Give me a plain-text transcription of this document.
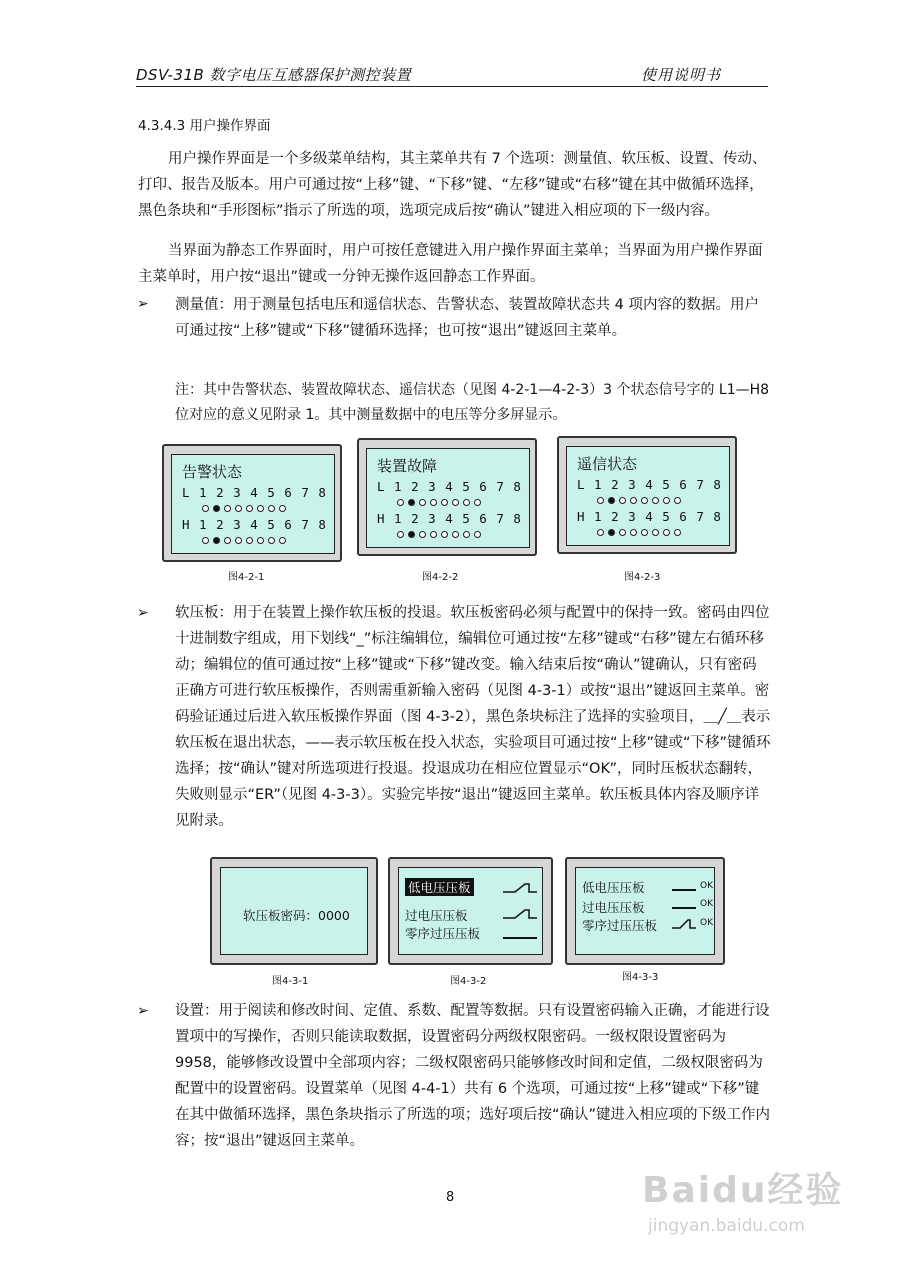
DSV-31B 数字电压互感器保护测控装置	使用说明书
4.3.4.3 用户操作界面

用户操作界面是一个多级菜单结构，其主菜单共有 7 个选项：测量值、软压板、设置、传动、打印、报告及版本。用户可通过按“上移”键、“下移”键、“左移”键或“右移”键在其中做循环选择，黑色条块和“手形图标”指示了所选的项，选项完成后按“确认”键进入相应项的下一级内容。

当界面为静态工作界面时，用户可按任意键进入用户操作界面主菜单；当界面为用户操作界面主菜单时，用户按“退出”键或一分钟无操作返回静态工作界面。

➢ 测量值：用于测量包括电压和遥信状态、告警状态、装置故障状态共 4 项内容的数据。用户可通过按“上移”键或“下移”键循环选择；也可按“退出”键返回主菜单。

注：其中告警状态、装置故障状态、遥信状态（见图 4-2-1—4-2-3）3 个状态信号字的 L1—H8 位对应的意义见附录 1。其中测量数据中的电压等分多屏显示。

告警状态
L 1 2 3 4 5 6 7 8
H 1 2 3 4 5 6 7 8
图4-2-1
装置故障
L 1 2 3 4 5 6 7 8
H 1 2 3 4 5 6 7 8
图4-2-2
遥信状态
L 1 2 3 4 5 6 7 8
H 1 2 3 4 5 6 7 8
图4-2-3
➢ 软压板：用于在装置上操作软压板的投退。软压板密码必须与配置中的保持一致。密码由四位十进制数字组成，用下划线“_”标注编辑位，编辑位可通过按“左移”键或“右移”键左右循环移动；编辑位的值可通过按“上移”键或“下移”键改变。输入结束后按“确认”键确认，只有密码正确方可进行软压板操作，否则需重新输入密码（见图 4-3-1）或按“退出”键返回主菜单。密码验证通过后进入软压板操作界面（图 4-3-2），黑色条块标注了选择的实验项目，＿╱＿表示软压板在退出状态，——表示软压板在投入状态，实验项目可通过按“上移”键或“下移”键循环选择；按“确认”键对所选项进行投退。投退成功在相应位置显示“OK”，同时压板状态翻转，失败则显示“ER”（见图 4-3-3）。实验完毕按“退出”键返回主菜单。软压板具体内容及顺序详见附录。

软压板密码：0000
图4-3-1
低电压压板
过电压压板
零序过压压板
图4-3-2
低电压压板	OK
过电压压板	OK
零序过压压板	OK
图4-3-3
➢ 设置：用于阅读和修改时间、定值、系数、配置等数据。只有设置密码输入正确，才能进行设置项中的写操作，否则只能读取数据，设置密码分两级权限密码。一级权限设置密码为 9958，能够修改设置中全部项内容；二级权限密码只能够修改时间和定值，二级权限密码为配置中的设置密码。设置菜单（见图 4-4-1）共有 6 个选项，可通过按“上移”键或“下移”键在其中做循环选择，黑色条块指示了所选的项；选好项后按“确认”键进入相应项的下级工作内容；按“退出”键返回主菜单。

8	Baidu经验
jingyan.baidu.com
